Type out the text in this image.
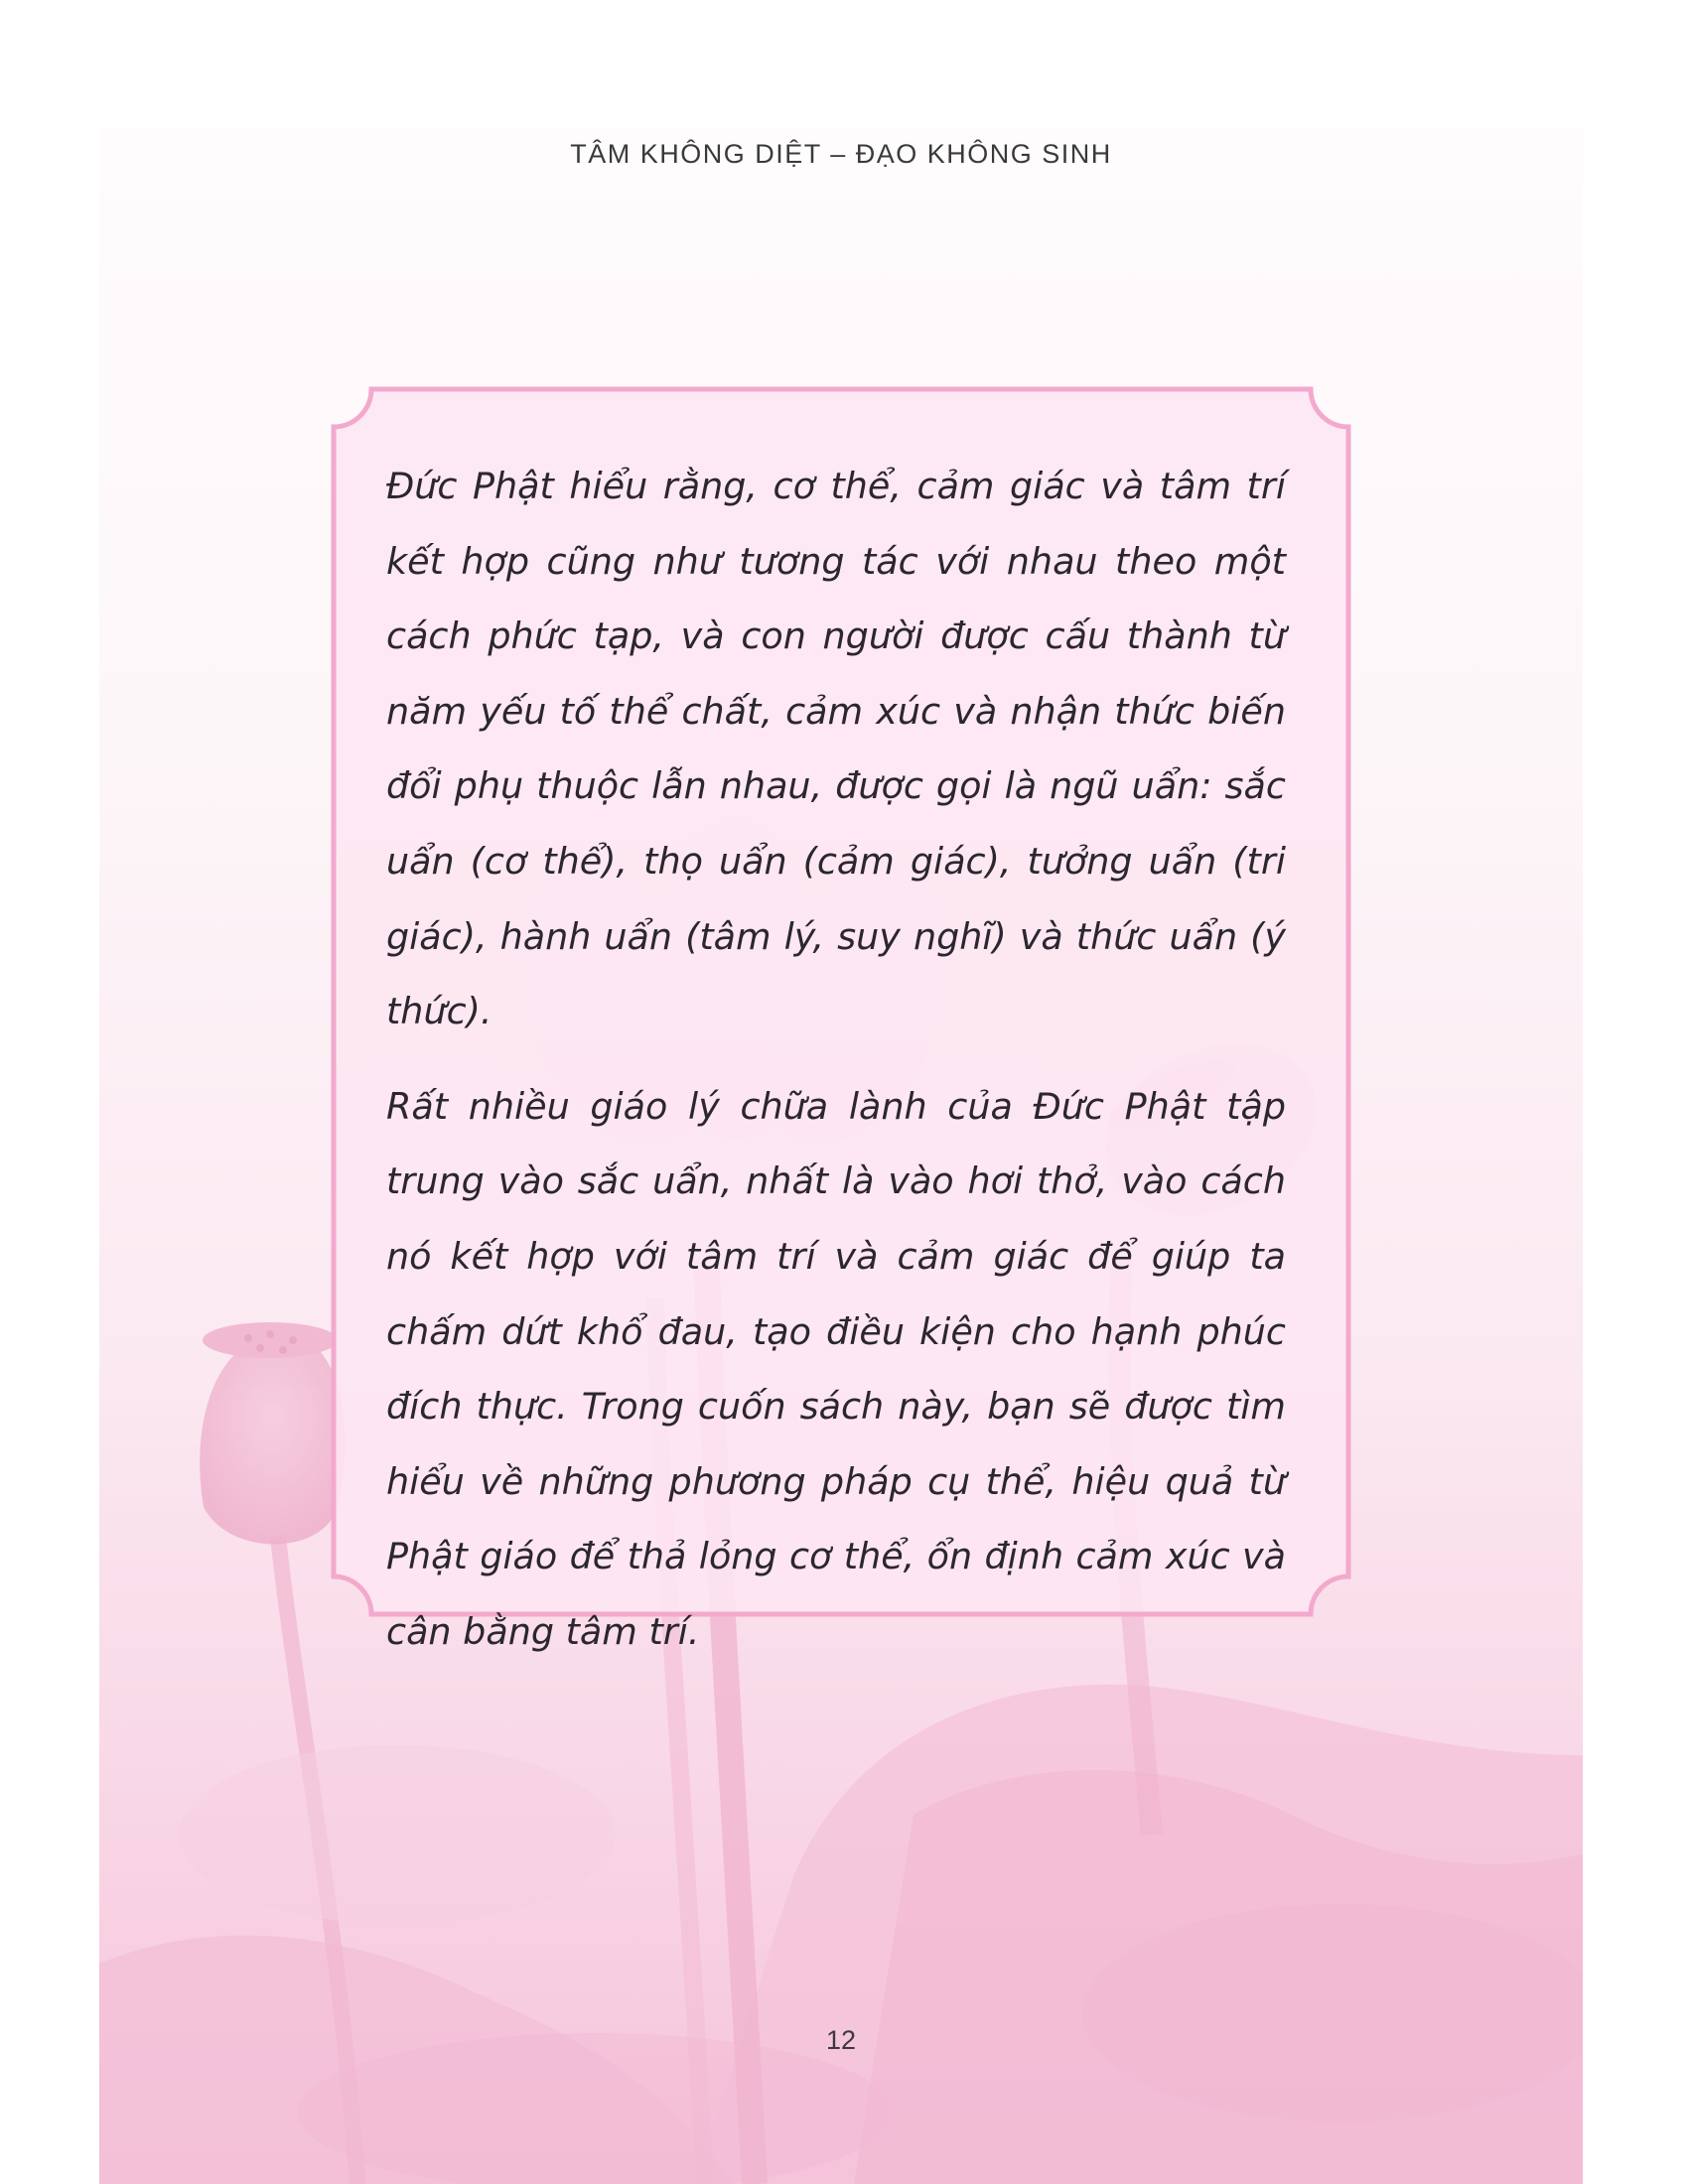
TÂM KHÔNG DIỆT – ĐẠO KHÔNG SINH

Đức Phật hiểu rằng, cơ thể, cảm giác và tâm trí kết hợp cũng như tương tác với nhau theo một cách phức tạp, và con người được cấu thành từ năm yếu tố thể chất, cảm xúc và nhận thức biến đổi phụ thuộc lẫn nhau, được gọi là ngũ uẩn: sắc uẩn (cơ thể), thọ uẩn (cảm giác), tưởng uẩn (tri giác), hành uẩn (tâm lý, suy nghĩ) và thức uẩn (ý thức).

Rất nhiều giáo lý chữa lành của Đức Phật tập trung vào sắc uẩn, nhất là vào hơi thở, vào cách nó kết hợp với tâm trí và cảm giác để giúp ta chấm dứt khổ đau, tạo điều kiện cho hạnh phúc đích thực. Trong cuốn sách này, bạn sẽ được tìm hiểu về những phương pháp cụ thể, hiệu quả từ Phật giáo để thả lỏng cơ thể, ổn định cảm xúc và cân bằng tâm trí.

12
